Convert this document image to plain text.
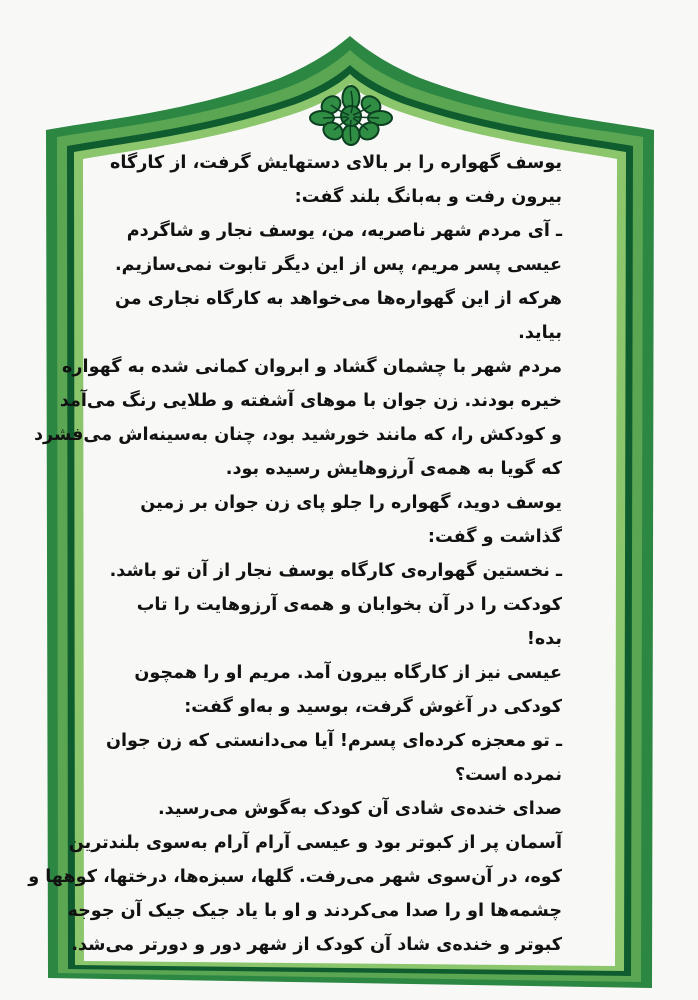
یوسف گهواره را بر بالای دستهایش گرفت، از کارگاه
بیرون رفت و به‌بانگ بلند گفت:
ـ آی مردم شهر ناصریه، من، یوسف نجار و شاگردم
عیسی پسر مریم، پس از این دیگر تابوت نمی‌سازیم.
هرکه از این گهواره‌ها می‌خواهد به کارگاه نجاری من
بیاید.
مردم شهر با چشمان گشاد و ابروان کمانی شده به گهواره
خیره بودند. زن جوان با موهای آشفته و طلایی رنگ می‌آمد
و کودکش را، که مانند خورشید بود، چنان به‌سینه‌اش می‌فشرد
که گویا به همه‌ی آرزوهایش رسیده بود.
یوسف دوید، گهواره را جلو پای زن جوان بر زمین
گذاشت و گفت:
ـ نخستین گهواره‌ی کارگاه یوسف نجار از آن تو باشد.
کودکت را در آن بخوابان و همه‌ی آرزوهایت را تاب
بده!
عیسی نیز از کارگاه بیرون آمد. مریم او را همچون
کودکی در آغوش گرفت، بوسید و به‌او گفت:
ـ تو معجزه کرده‌ای پسرم! آیا می‌دانستی که زن جوان
نمرده است؟
صدای خنده‌ی شادی آن کودک به‌گوش می‌رسید.
آسمان پر از کبوتر بود و عیسی آرام آرام به‌سوی بلندترین
کوه، در آن‌سوی شهر می‌رفت. گلها، سبزه‌ها، درختها، کوهها و
چشمه‌ها او را صدا می‌کردند و او با یاد جیک جیک آن جوجه
کبوتر و خنده‌ی شاد آن کودک از شهر دور و دورتر می‌شد.
